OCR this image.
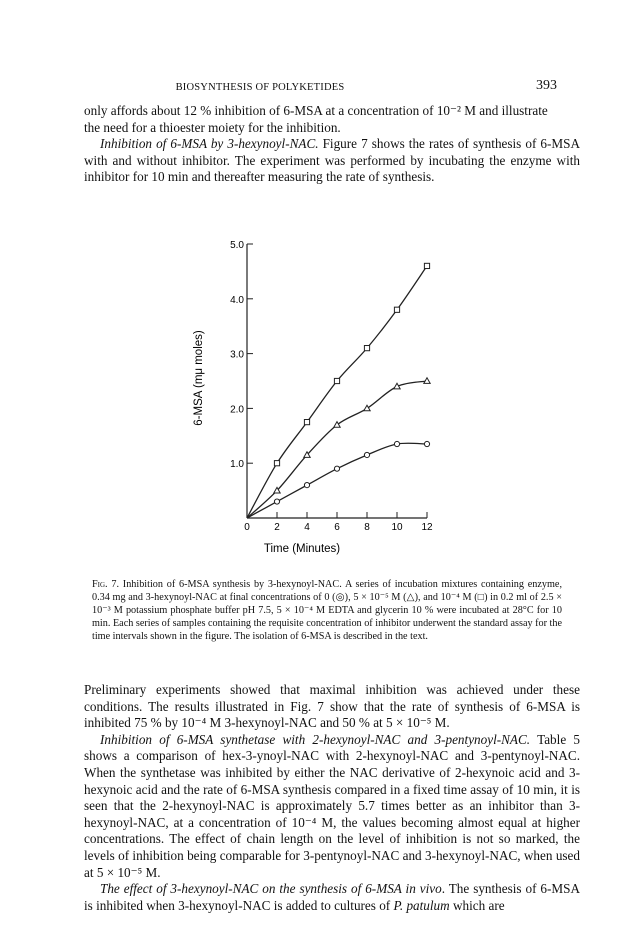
BIOSYNTHESIS OF POLYKETIDES	393

only affords about 12 % inhibition of 6-MSA at a concentration of 10⁻² M and illustrate

the need for a thioester moiety for the inhibition.

Inhibition of 6-MSA by 3-hexynoyl-NAC. Figure 7 shows the rates of synthesis of 6-MSA with and without inhibitor. The experiment was performed by incubating the enzyme with inhibitor for 10 min and thereafter measuring the rate of synthesis.

0 2 4 6 8 10 12
1.0
2.0
3.0
4.0
5.0
Time (Minutes)
6-MSA (mμ moles)
Fig. 7. Inhibition of 6-MSA synthesis by 3-hexynoyl-NAC. A series of incubation mixtures containing enzyme, 0.34 mg and 3-hexynoyl-NAC at final concentrations of 0 (◎), 5 × 10⁻⁵ M (△), and 10⁻⁴ M (□) in 0.2 ml of 2.5 × 10⁻³ M potassium phosphate buffer pH 7.5, 5 × 10⁻⁴ M EDTA and glycerin 10 % were incubated at 28°C for 10 min. Each series of samples containing the requisite concentration of inhibitor underwent the standard assay for the time intervals shown in the figure. The isolation of 6-MSA is described in the text.

Preliminary experiments showed that maximal inhibition was achieved under these conditions. The results illustrated in Fig. 7 show that the rate of synthesis of 6-MSA is inhibited 75 % by 10⁻⁴ M 3-hexynoyl-NAC and 50 % at 5 × 10⁻⁵ M.

Inhibition of 6-MSA synthetase with 2-hexynoyl-NAC and 3-pentynoyl-NAC. Table 5 shows a comparison of hex-3-ynoyl-NAC with 2-hexynoyl-NAC and 3-pentynoyl-NAC. When the synthetase was inhibited by either the NAC derivative of 2-hexynoic acid and 3-hexynoic acid and the rate of 6-MSA synthesis compared in a fixed time assay of 10 min, it is seen that the 2-hexynoyl-NAC is approximately 5.7 times better as an inhibitor than 3-hexynoyl-NAC, at a concentration of 10⁻⁴ M, the values becoming almost equal at higher concentrations. The effect of chain length on the level of inhibition is not so marked, the levels of inhibition being comparable for 3-pentynoyl-NAC and 3-hexynoyl-NAC, when used at 5 × 10⁻⁵ M.

The effect of 3-hexynoyl-NAC on the synthesis of 6-MSA in vivo. The synthesis of 6-MSA is inhibited when 3-hexynoyl-NAC is added to cultures of P. patulum which are
